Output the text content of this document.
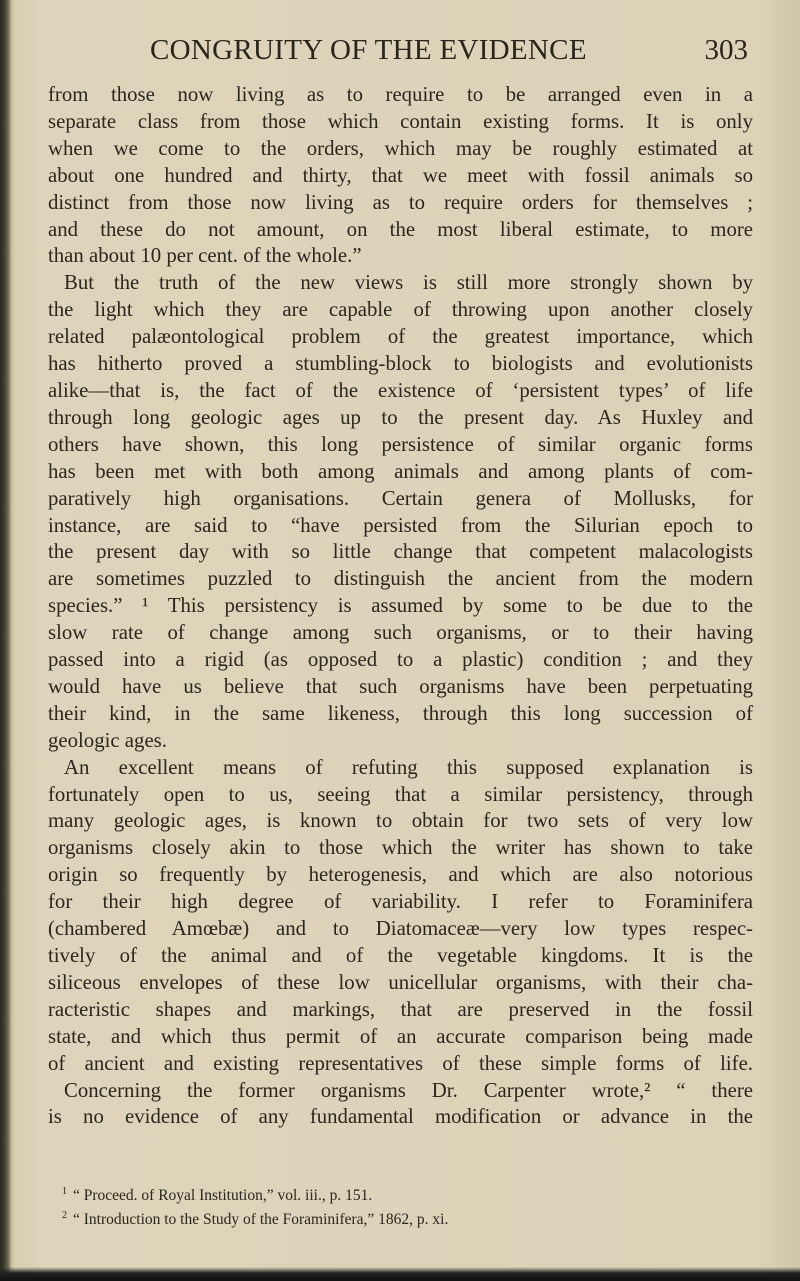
CONGRUITY OF THE EVIDENCE	303
from those now living as to require to be arranged even in a
separate class from those which contain existing forms. It is only
when we come to the orders, which may be roughly estimated at
about one hundred and thirty, that we meet with fossil animals so
distinct from those now living as to require orders for themselves ;
and these do not amount, on the most liberal estimate, to more
than about 10 per cent. of the whole.”
But the truth of the new views is still more strongly shown by
the light which they are capable of throwing upon another closely
related palæontological problem of the greatest importance, which
has hitherto proved a stumbling-block to biologists and evolutionists
alike—that is, the fact of the existence of ‘persistent types’ of life
through long geologic ages up to the present day. As Huxley and
others have shown, this long persistence of similar organic forms
has been met with both among animals and among plants of com-
paratively high organisations. Certain genera of Mollusks, for
instance, are said to “have persisted from the Silurian epoch to
the present day with so little change that competent malacologists
are sometimes puzzled to distinguish the ancient from the modern
species.” ¹ This persistency is assumed by some to be due to the
slow rate of change among such organisms, or to their having
passed into a rigid (as opposed to a plastic) condition ; and they
would have us believe that such organisms have been perpetuating
their kind, in the same likeness, through this long succession of
geologic ages.
An excellent means of refuting this supposed explanation is
fortunately open to us, seeing that a similar persistency, through
many geologic ages, is known to obtain for two sets of very low
organisms closely akin to those which the writer has shown to take
origin so frequently by heterogenesis, and which are also notorious
for their high degree of variability. I refer to Foraminifera
(chambered Amœbæ) and to Diatomaceæ—very low types respec-
tively of the animal and of the vegetable kingdoms. It is the
siliceous envelopes of these low unicellular organisms, with their cha-
racteristic shapes and markings, that are preserved in the fossil
state, and which thus permit of an accurate comparison being made
of ancient and existing representatives of these simple forms of life.
Concerning the former organisms Dr. Carpenter wrote,² “ there
is no evidence of any fundamental modification or advance in the
$^1$ “ Proceed. of Royal Institution,” vol. iii., p. 151.
$^2$ “ Introduction to the Study of the Foraminifera,” 1862, p. xi.
